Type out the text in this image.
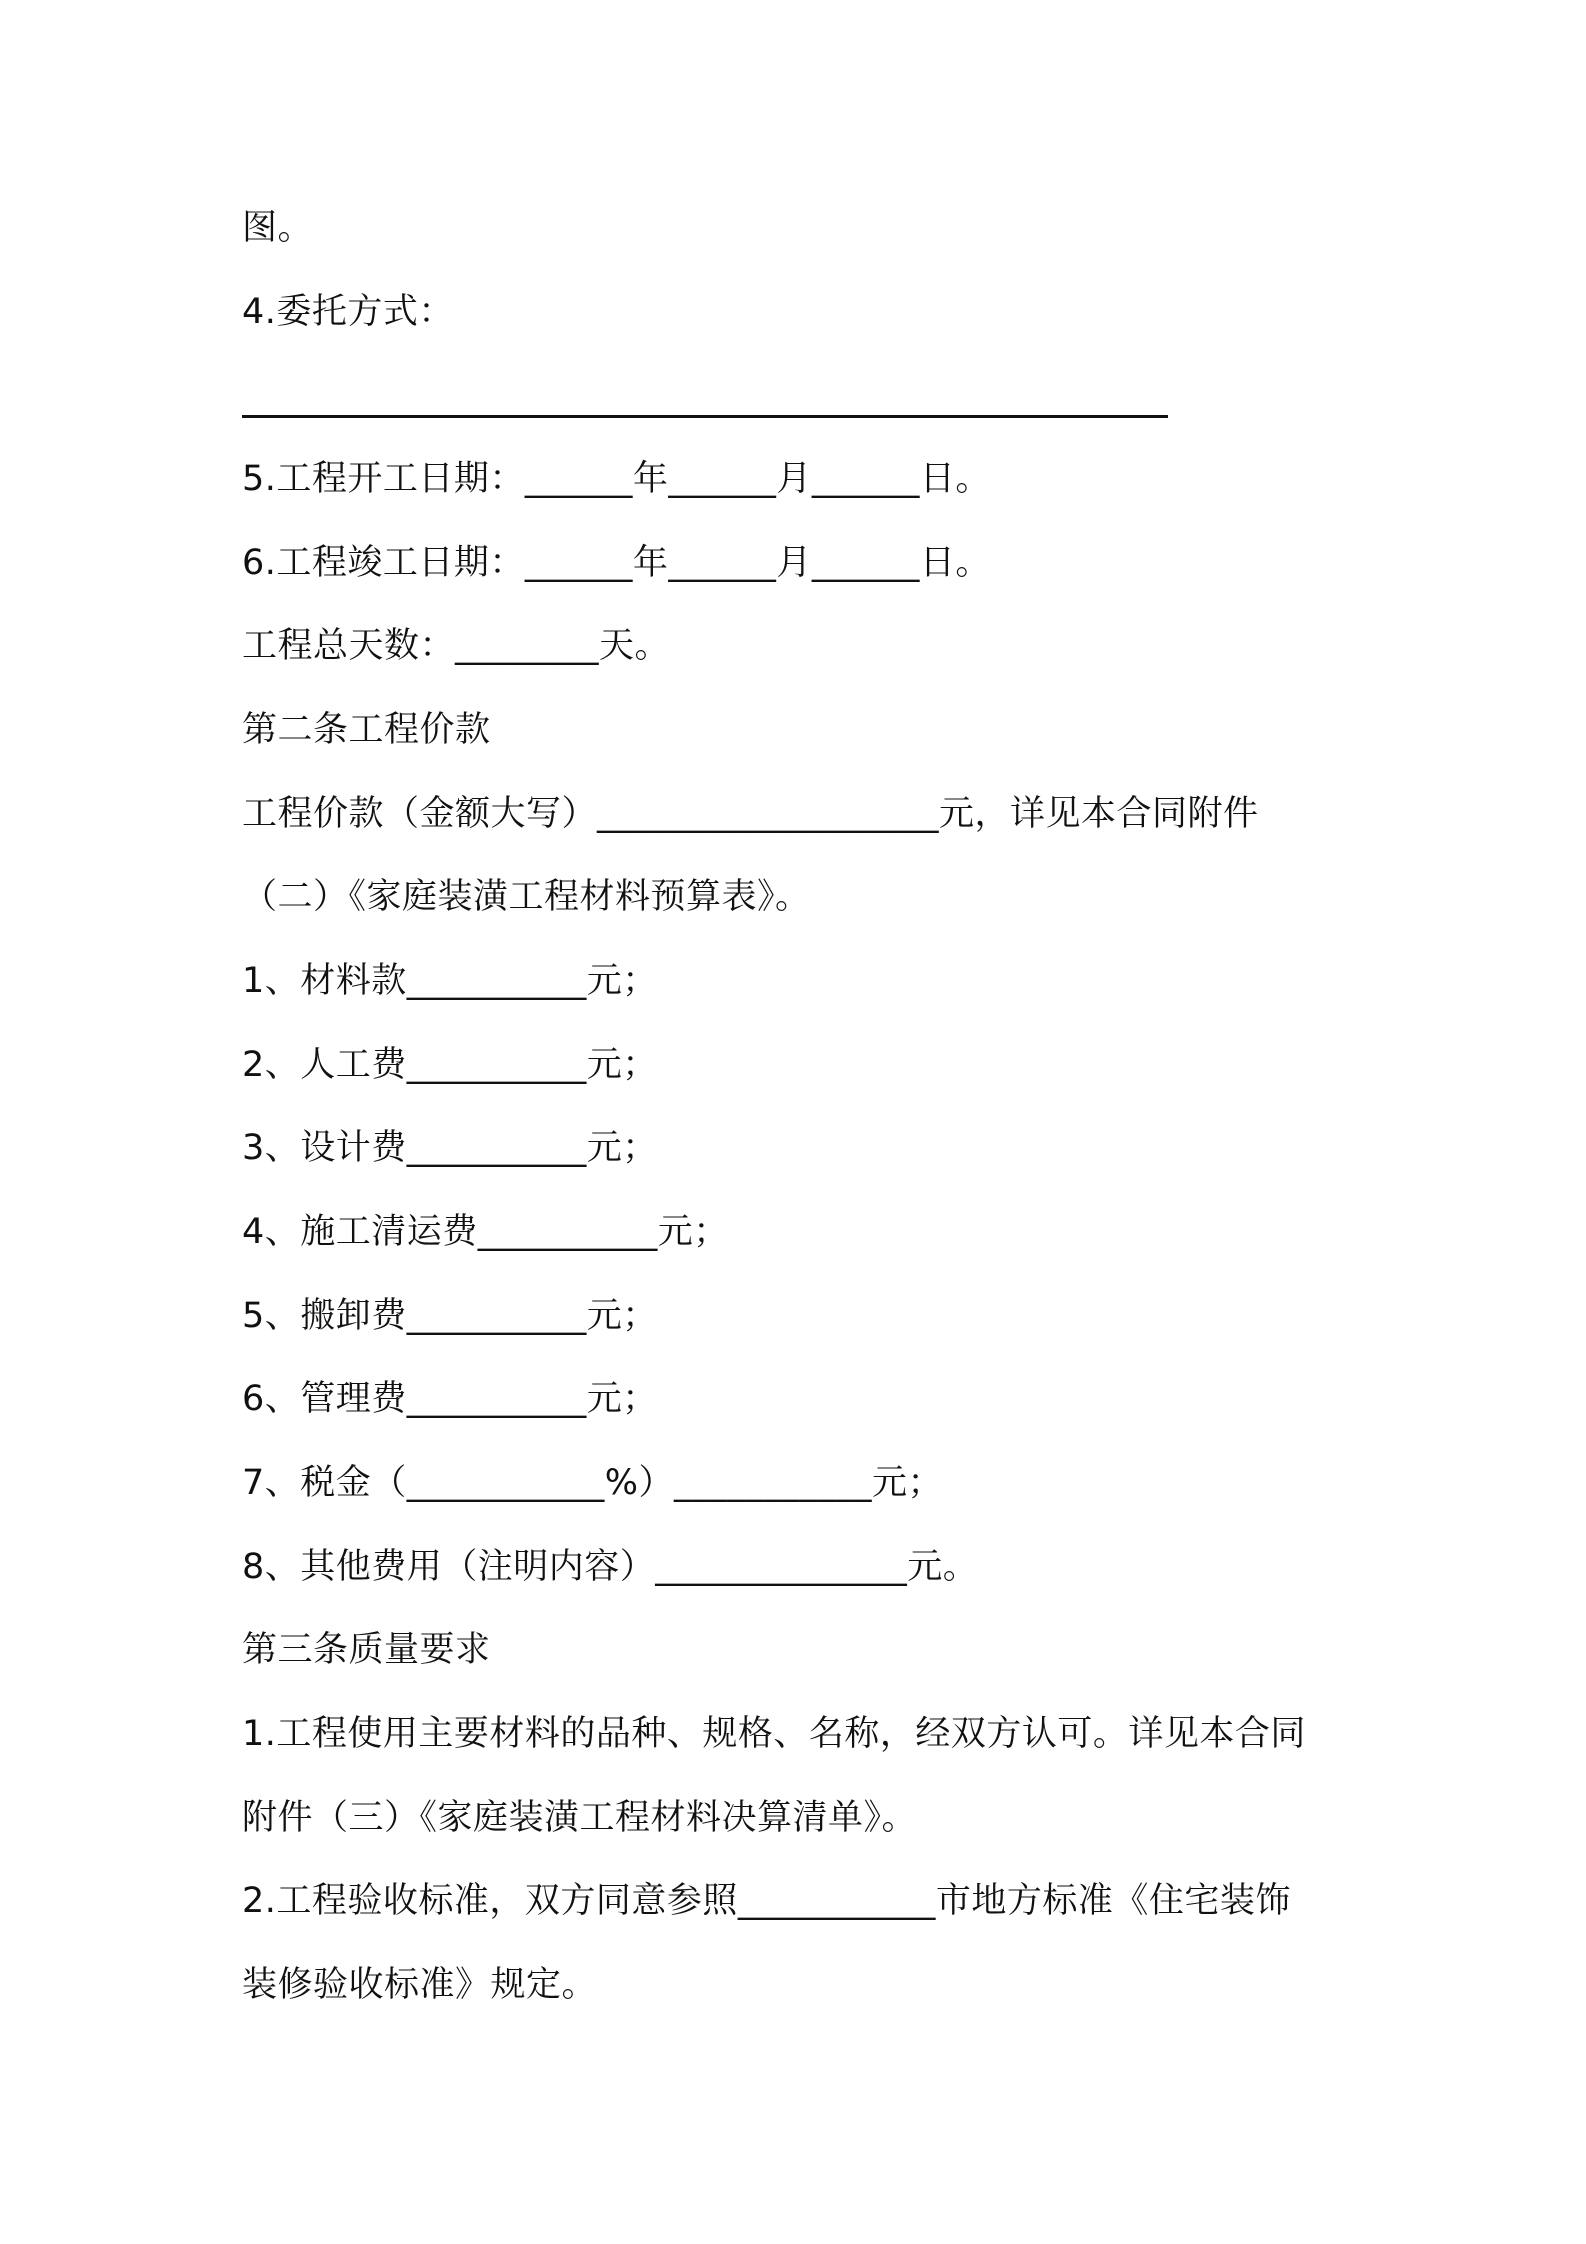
图。
4.委托方式：
5.工程开工日期：______年______月______日。
6.工程竣工日期：______年______月______日。
工程总天数：________天。
第二条工程价款
工程价款（金额大写）___________________元，详见本合同附件
（二）《家庭装潢工程材料预算表》。
1、材料款__________元；
2、人工费__________元；
3、设计费__________元；
4、施工清运费__________元；
5、搬卸费__________元；
6、管理费__________元；
7、税金（___________%）___________元；
8、其他费用（注明内容）______________元。
第三条质量要求
1.工程使用主要材料的品种、规格、名称，经双方认可。详见本合同
附件（三）《家庭装潢工程材料决算清单》。
2.工程验收标准，双方同意参照___________市地方标准《住宅装饰
装修验收标准》规定。
